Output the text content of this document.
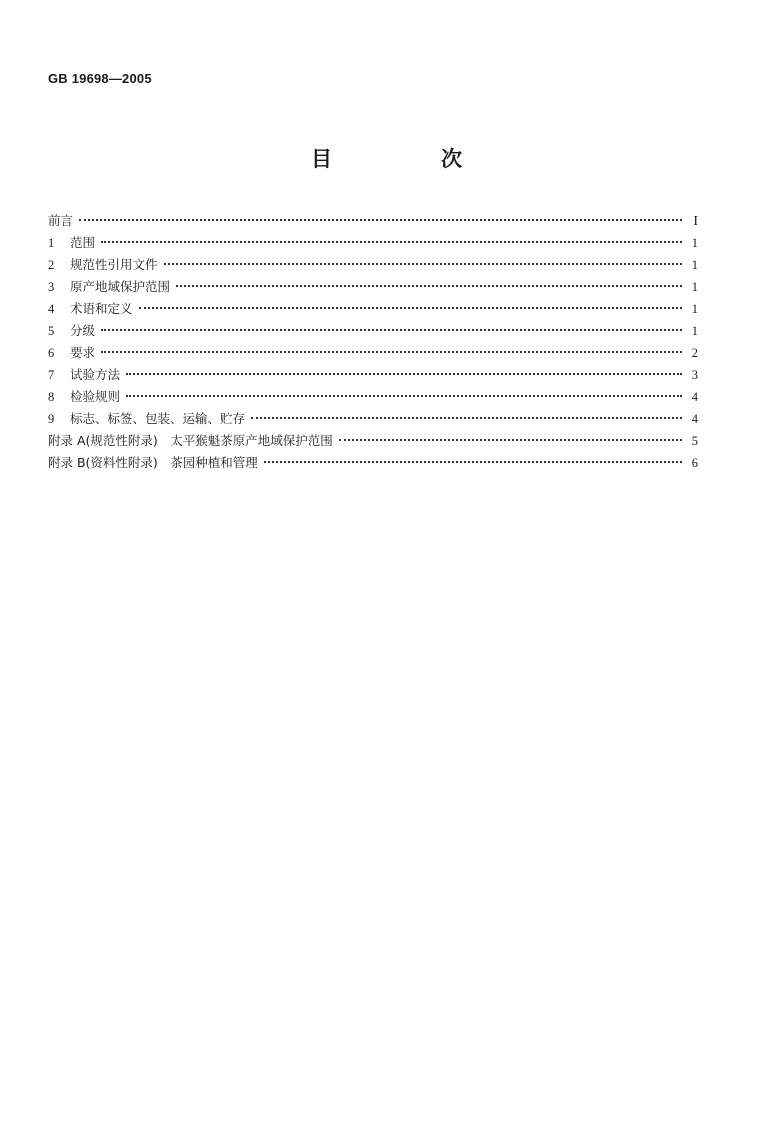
GB 19698—2005
目　次
前言	I
1	范围	1
2	规范性引用文件	1
3	原产地域保护范围	1
4	术语和定义	1
5	分级	1
6	要求	2
7	试验方法	3
8	检验规则	4
9	标志、标签、包装、运输、贮存	4
附录 A(规范性附录)　太平猴魁茶原产地域保护范围	5
附录 B(资料性附录)　茶园种植和管理	6
